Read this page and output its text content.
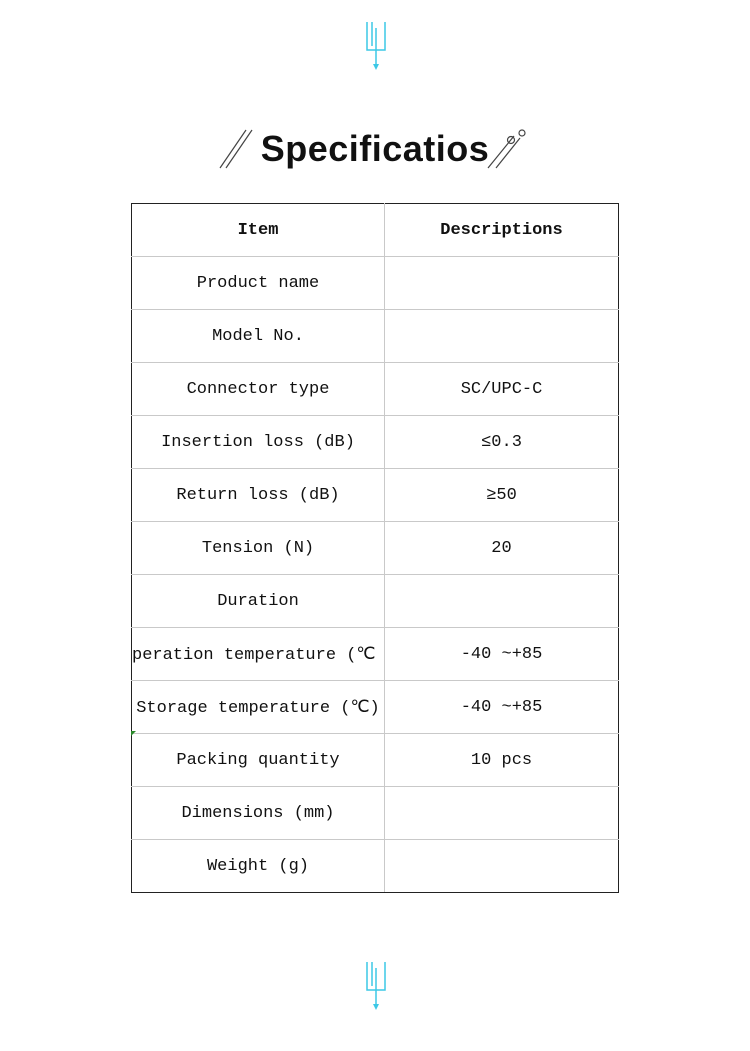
Specificatios
Item	Descriptions
Product name	
Model No.	
Connector type	SC/UPC-C
Insertion loss (dB)	≤0.3
Return loss (dB)	≥50
Tension (N)	20
Duration	
peration temperature (℃	-40 ~+85
Storage temperature (℃)	-40 ~+85
Packing quantity	10 pcs
Dimensions (mm)	
Weight (g)	
